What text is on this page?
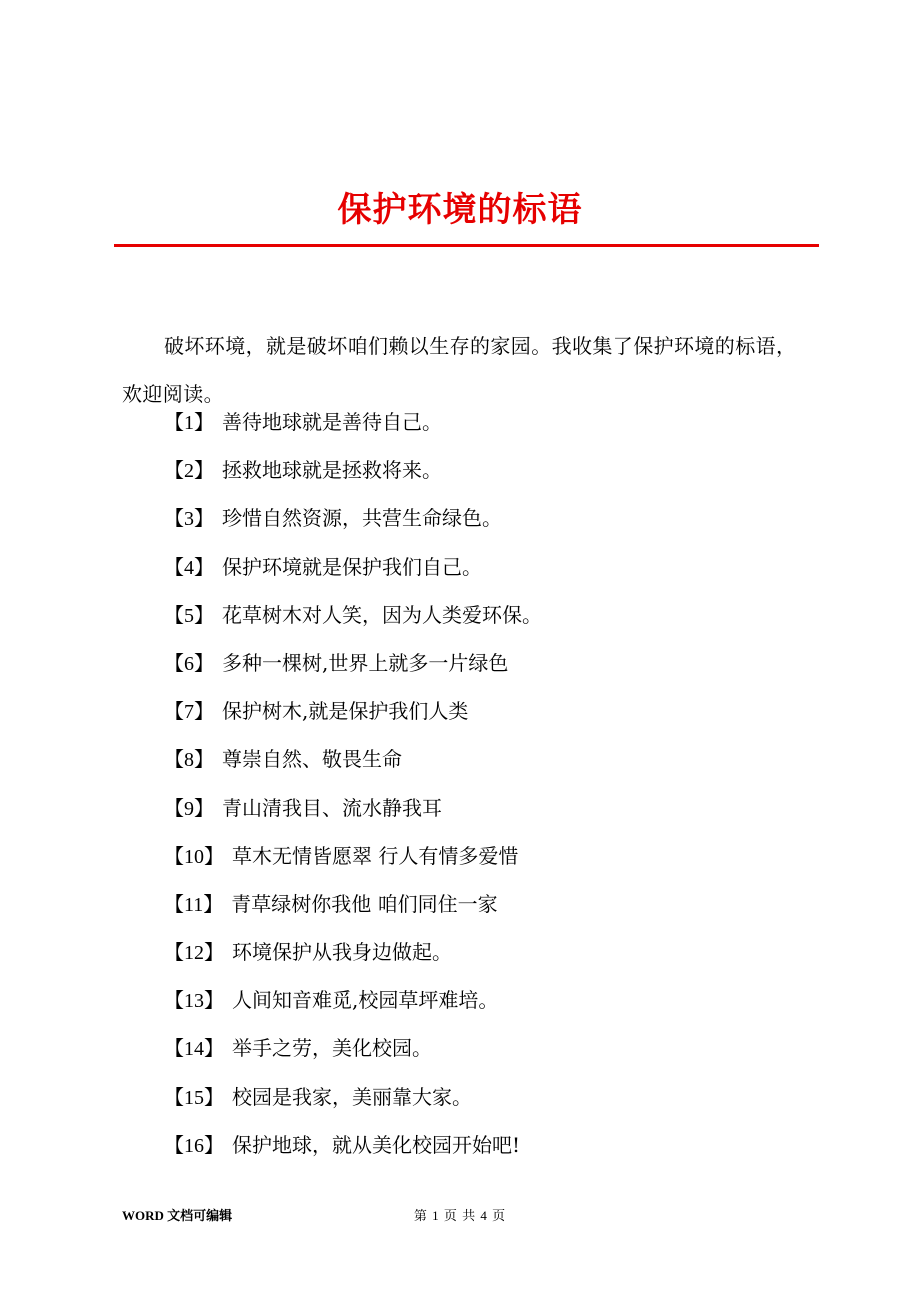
保护环境的标语

破坏环境，就是破坏咱们赖以生存的家园。我收集了保护环境的标语，欢迎阅读。

【1】 善待地球就是善待自己。
【2】 拯救地球就是拯救将来。
【3】 珍惜自然资源，共营生命绿色。
【4】 保护环境就是保护我们自己。
【5】 花草树木对人笑，因为人类爱环保。
【6】 多种一棵树,世界上就多一片绿色
【7】 保护树木,就是保护我们人类
【8】 尊崇自然、敬畏生命
【9】 青山清我目、流水静我耳
【10】 草木无情皆愿翠 行人有情多爱惜
【11】 青草绿树你我他 咱们同住一家
【12】 环境保护从我身边做起。
【13】 人间知音难觅,校园草坪难培。
【14】 举手之劳，美化校园。
【15】 校园是我家，美丽靠大家。
【16】 保护地球，就从美化校园开始吧!
WORD 文档可编辑	第 1 页 共 4 页
